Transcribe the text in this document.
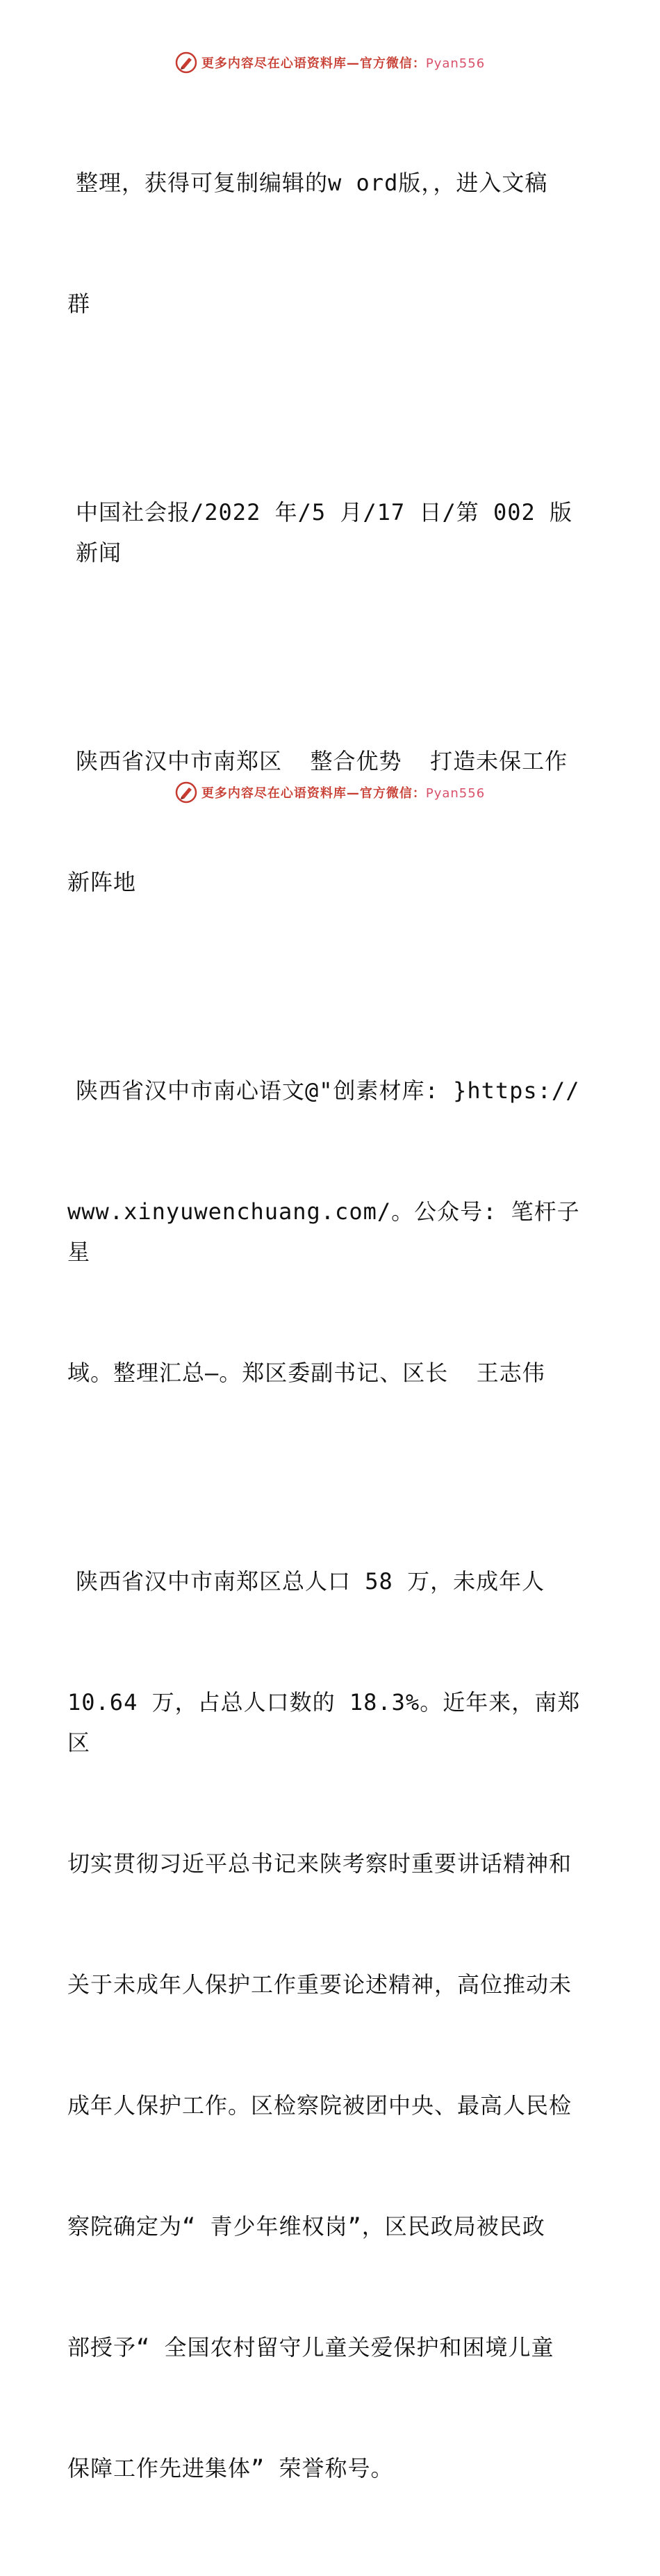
更多内容尽在心语资料库—官方微信：Pyan556

整理，获得可复制编辑的w ord版，，进入文稿

群

中国社会报/2022 年/5 月/17 日/第 002 版新闻

陕西省汉中市南郑区  整合优势  打造未保工作

新阵地

陕西省汉中市南心语文@"创素材库: }https://

www.xinyuwenchuang.com/。公众号: 笔杆子星

域。整理汇总—。郑区委副书记、区长  王志伟

陕西省汉中市南郑区总人口 58 万，未成年人

10.64 万，占总人口数的 18.3%。近年来，南郑区

切实贯彻习近平总书记来陕考察时重要讲话精神和

关于未成年人保护工作重要论述精神，高位推动未

成年人保护工作。区检察院被团中央、最高人民检

察院确定为“ 青少年维权岗”，区民政局被民政

部授予“ 全国农村留守儿童关爱保护和困境儿童

保障工作先进集体” 荣誉称号。

更多内容尽在心语资料库—官方微信：Pyan556
